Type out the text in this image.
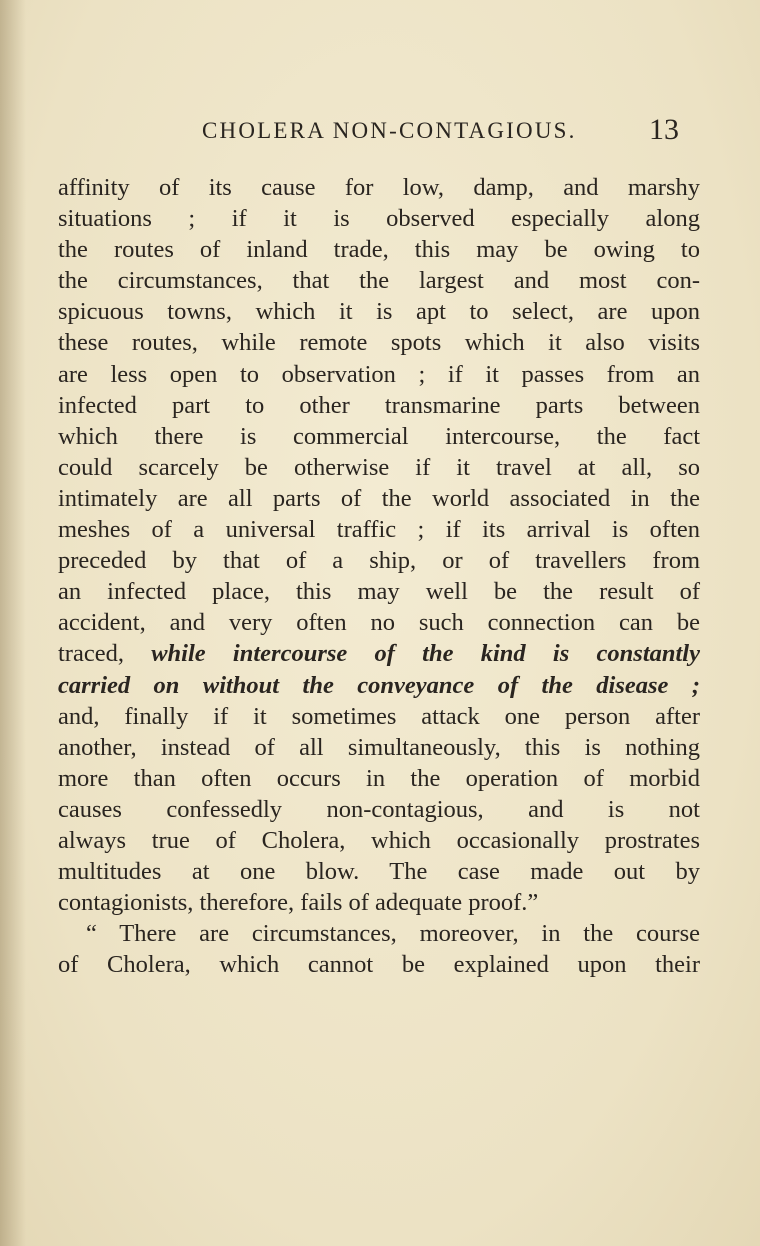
CHOLERA NON-CONTAGIOUS. 13
affinity of its cause for low, damp, and marshy
situations ; if it is observed especially along
the routes of inland trade, this may be owing to
the circumstances, that the largest and most con-
spicuous towns, which it is apt to select, are upon
these routes, while remote spots which it also visits
are less open to observation ; if it passes from an
infected part to other transmarine parts between
which there is commercial intercourse, the fact
could scarcely be otherwise if it travel at all, so
intimately are all parts of the world associated in the
meshes of a universal traffic ; if its arrival is often
preceded by that of a ship, or of travellers from
an infected place, this may well be the result of
accident, and very often no such connection can be
traced, while intercourse of the kind is constantly
carried on without the conveyance of the disease ;
and, finally if it sometimes attack one person after
another, instead of all simultaneously, this is nothing
more than often occurs in the operation of morbid
causes confessedly non-contagious, and is not
always true of Cholera, which occasionally prostrates
multitudes at one blow. The case made out by
contagionists, therefore, fails of adequate proof.”
“ There are circumstances, moreover, in the course
of Cholera, which cannot be explained upon their
